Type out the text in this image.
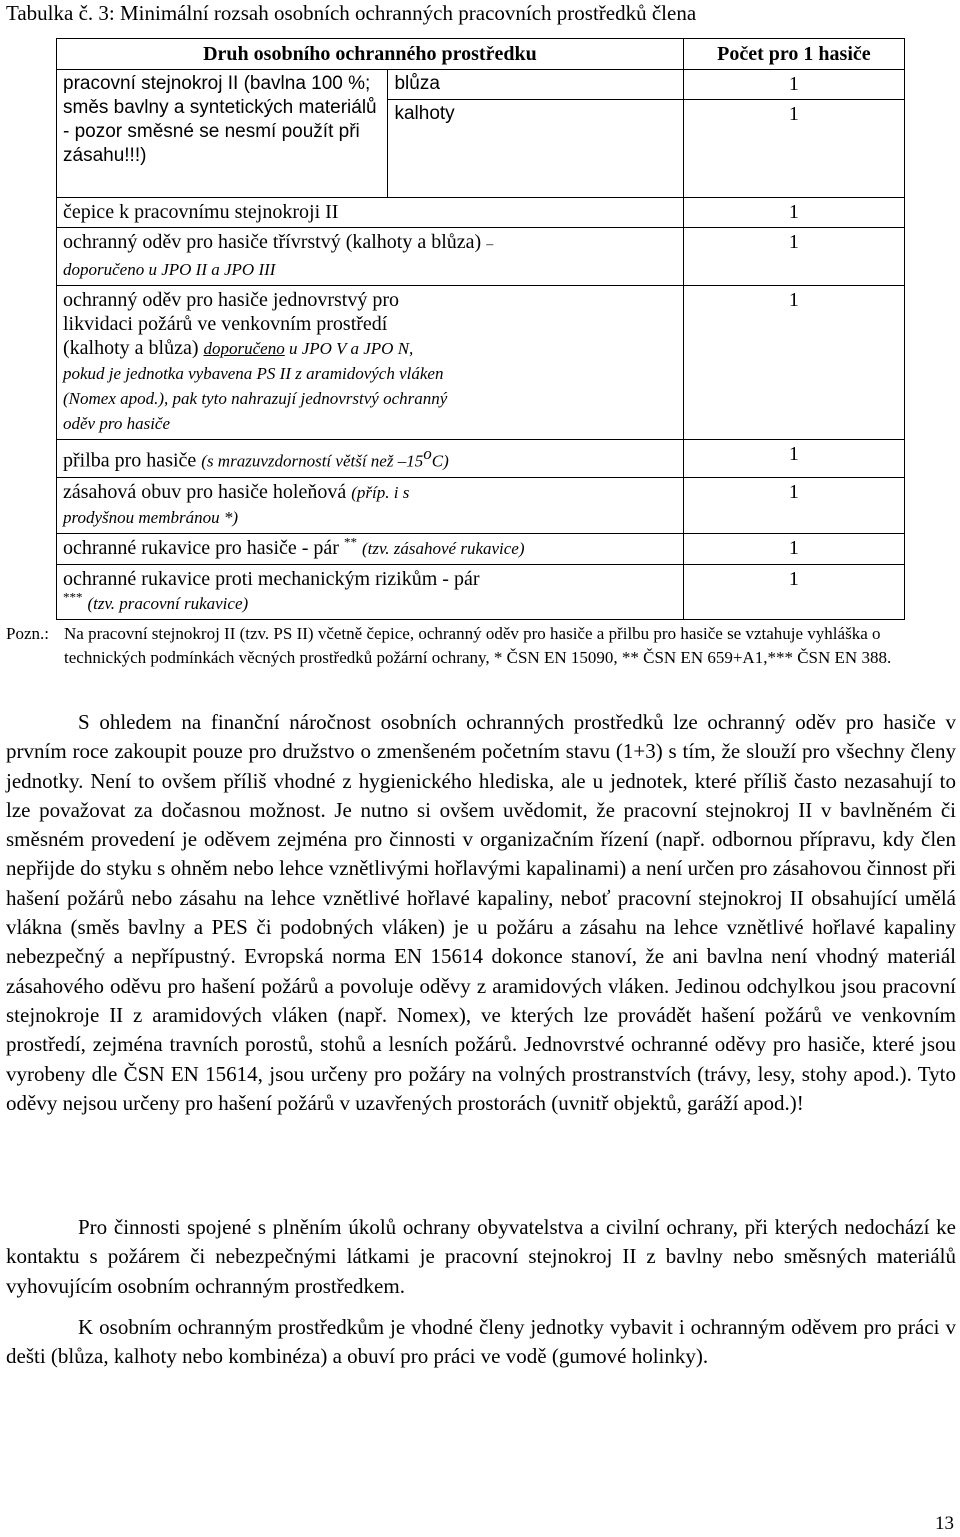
Tabulka č. 3: Minimální rozsah osobních ochranných pracovních prostředků člena
Druh osobního ochranného prostředku		Počet pro 1 hasiče
pracovní stejnokroj II (bavlna 100 %; směs bavlny a syntetických materiálů - pozor směsné se nesmí použít při zásahu!!!)	blůza	1
	kalhoty	1
čepice k pracovnímu stejnokroji II		1
ochranný oděv pro hasiče třívrstvý (kalhoty a blůza) –
doporučeno u JPO II a JPO III		1
ochranný oděv pro hasiče jednovrstvý pro likvidaci požárů ve venkovním prostředí (kalhoty a blůza) doporučeno u JPO V a JPO N, pokud je jednotka vybavena PS II z aramidových vláken (Nomex apod.), pak tyto nahrazují jednovrstvý ochranný oděv pro hasiče		1
přilba pro hasiče (s mrazuvzdorností větší než –15$^o$C)		1
zásahová obuv pro hasiče holeňová (příp. i s prodyšnou membránou *)		1
ochranné rukavice pro hasiče - pár ** (tzv. zásahové rukavice)		1
ochranné rukavice proti mechanickým rizikům - pár *** (tzv. pracovní rukavice)		1
Pozn.: Na pracovní stejnokroj II (tzv. PS II) včetně čepice, ochranný oděv pro hasiče a přilbu pro hasiče se vztahuje vyhláška o technických podmínkách věcných prostředků požární ochrany, * ČSN EN 15090, ** ČSN EN 659+A1,*** ČSN EN 388.
S ohledem na finanční náročnost osobních ochranných prostředků lze ochranný oděv pro hasiče v prvním roce zakoupit pouze pro družstvo o zmenšeném početním stavu (1+3) s tím, že slouží pro všechny členy jednotky. Není to ovšem příliš vhodné z hygienického hlediska, ale u jednotek, které příliš často nezasahují to lze považovat za dočasnou možnost. Je nutno si ovšem uvědomit, že pracovní stejnokroj II v bavlněném či směsném provedení je oděvem zejména pro činnosti v organizačním řízení (např. odbornou přípravu, kdy člen nepřijde do styku s ohněm nebo lehce vznětlivými hořlavými kapalinami) a není určen pro zásahovou činnost při hašení požárů nebo zásahu na lehce vznětlivé hořlavé kapaliny, neboť pracovní stejnokroj II obsahující umělá vlákna (směs bavlny a PES či podobných vláken) je u požáru a zásahu na lehce vznětlivé hořlavé kapaliny nebezpečný a nepřípustný. Evropská norma EN 15614 dokonce stanoví, že ani bavlna není vhodný materiál zásahového oděvu pro hašení požárů a povoluje oděvy z aramidových vláken. Jedinou odchylkou jsou pracovní stejnokroje II z aramidových vláken (např. Nomex), ve kterých lze provádět hašení požárů ve venkovním prostředí, zejména travních porostů, stohů a lesních požárů. Jednovrstvé ochranné oděvy pro hasiče, které jsou vyrobeny dle ČSN EN 15614, jsou určeny pro požáry na volných prostranstvích (trávy, lesy, stohy apod.). Tyto oděvy nejsou určeny pro hašení požárů v uzavřených prostorách (uvnitř objektů, garáží apod.)!
Pro činnosti spojené s plněním úkolů ochrany obyvatelstva a civilní ochrany, při kterých nedochází ke kontaktu s požárem či nebezpečnými látkami je pracovní stejnokroj II z bavlny nebo směsných materiálů vyhovujícím osobním ochranným prostředkem.
K osobním ochranným prostředkům je vhodné členy jednotky vybavit i ochranným oděvem pro práci v dešti (blůza, kalhoty nebo kombinéza) a obuví pro práci ve vodě (gumové holinky).
13
